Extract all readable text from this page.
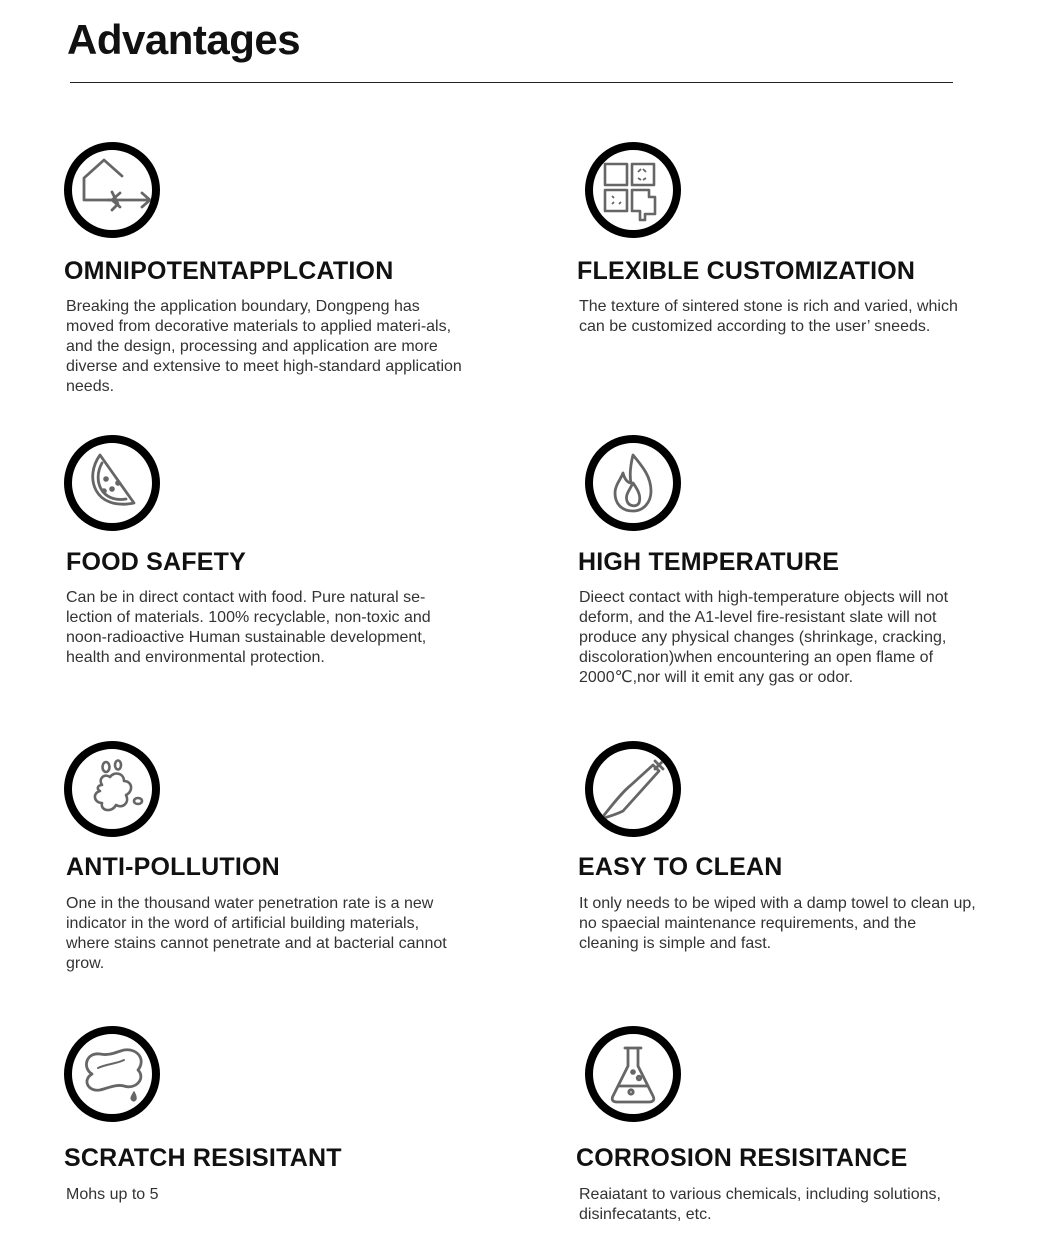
Advantages
OMNIPOTENTAPPLCATION
Breaking the application boundary, Dongpeng has moved from decorative materials to applied materi-als, and the design, processing and application are more diverse and extensive to meet high-standard application needs.
FLEXIBLE CUSTOMIZATION
The texture of sintered stone is rich and varied, which can be customized according to the user’ sneeds.
FOOD SAFETY
Can be in direct contact with food. Pure natural se-lection of materials. 100% recyclable, non-toxic and noon-radioactive Human sustainable development, health and environmental protection.
HIGH TEMPERATURE
Dieect contact with high-temperature objects will not deform, and the A1-level fire-resistant slate will not produce any physical changes (shrinkage, cracking, discoloration)when encountering an open flame of 2000℃,nor will it emit any gas or odor.
ANTI-POLLUTION
One in the thousand water penetration rate is a new indicator in the word of artificial building materials, where stains cannot penetrate and at bacterial cannot grow.
EASY TO CLEAN
It only needs to be wiped with a damp towel to clean up, no spaecial maintenance requirements, and the cleaning is simple and fast.
SCRATCH RESISITANT
Mohs up to 5
CORROSION RESISITANCE
Reaiatant to various chemicals, including solutions, disinfecatants, etc.
